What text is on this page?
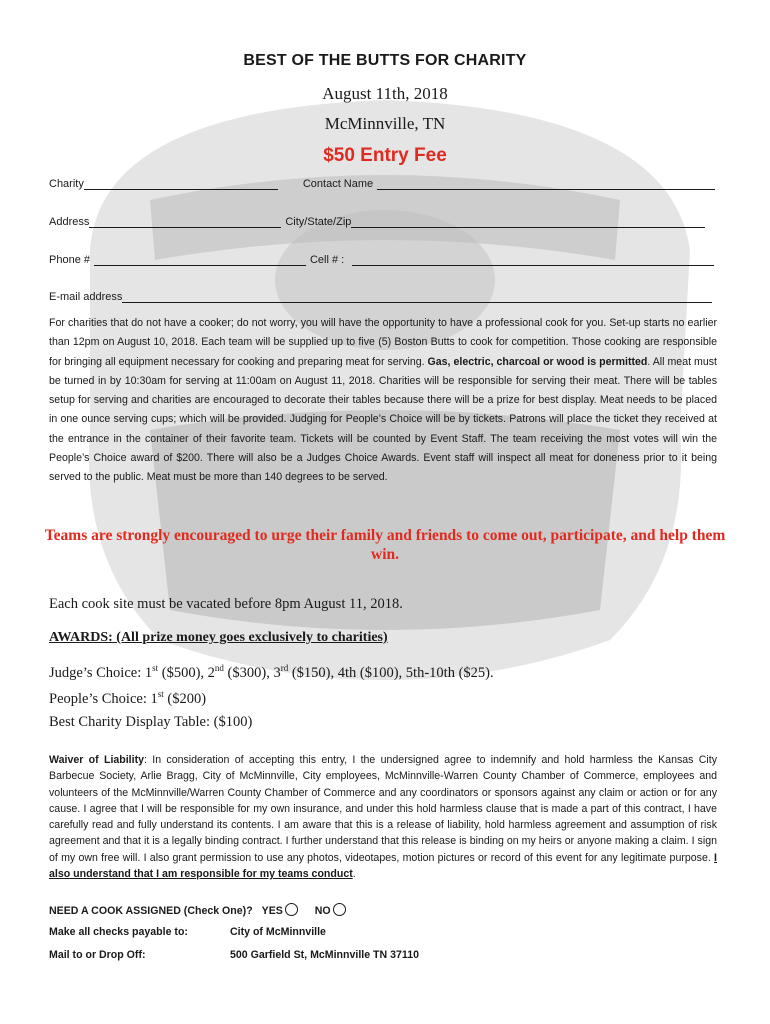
BEST OF THE BUTTS FOR CHARITY
August 11th, 2018
McMinnville, TN
$50 Entry Fee
Charity	Contact Name
Address	City/State/Zip
Phone #	Cell # :
E-mail address
For charities that do not have a cooker; do not worry, you will have the opportunity to have a professional cook for you. Set-up starts no earlier than 12pm on August 10, 2018. Each team will be supplied up to five (5) Boston Butts to cook for competition. Those cooking are responsible for bringing all equipment necessary for cooking and preparing meat for serving. Gas, electric, charcoal or wood is permitted. All meat must be turned in by 10:30am for serving at 11:00am on August 11, 2018. Charities will be responsible for serving their meat. There will be tables setup for serving and charities are encouraged to decorate their tables because there will be a prize for best display. Meat needs to be placed in one ounce serving cups; which will be provided. Judging for People’s Choice will be by tickets. Patrons will place the ticket they received at the entrance in the container of their favorite team. Tickets will be counted by Event Staff. The team receiving the most votes will win the People’s Choice award of $200. There will also be a Judges Choice Awards. Event staff will inspect all meat for doneness prior to it being served to the public. Meat must be more than 140 degrees to be served.
Teams are strongly encouraged to urge their family and friends to come out, participate, and help them win.
Each cook site must be vacated before 8pm August 11, 2018.
AWARDS: (All prize money goes exclusively to charities)
Judge’s Choice: 1st ($500), 2nd ($300), 3rd ($150), 4th ($100), 5th-10th ($25).
People’s Choice: 1st ($200)
Best Charity Display Table: ($100)
Waiver of Liability: In consideration of accepting this entry, I the undersigned agree to indemnify and hold harmless the Kansas City Barbecue Society, Arlie Bragg, City of McMinnville, City employees, McMinnville-Warren County Chamber of Commerce, employees and volunteers of the McMinnville/Warren County Chamber of Commerce and any coordinators or sponsors against any claim or action or for any cause. I agree that I will be responsible for my own insurance, and under this hold harmless clause that is made a part of this contract, I have carefully read and fully understand its contents. I am aware that this is a release of liability, hold harmless agreement and assumption of risk agreement and that it is a legally binding contract. I further understand that this release is binding on my heirs or anyone making a claim. I sign of my own free will. I also grant permission to use any photos, videotapes, motion pictures or record of this event for any legitimate purpose. I also understand that I am responsible for my teams conduct.
NEED A COOK ASSIGNED (Check One)? YES	NO
Make all checks payable to:	City of McMinnville
Mail to or Drop Off:	500 Garfield St, McMinnville TN 37110
